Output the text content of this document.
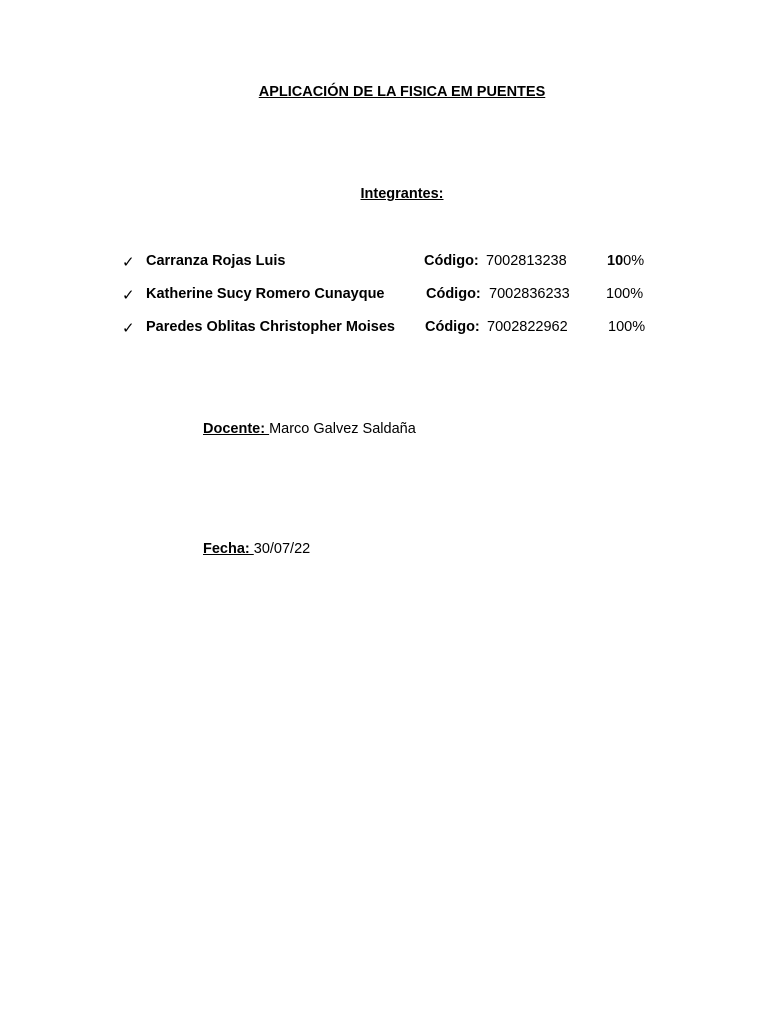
APLICACIÓN DE LA FISICA EM PUENTES
Integrantes:
✓ Carranza Rojas Luis	Código: 7002813238	100%
✓ Katherine Sucy Romero Cunayque	Código: 7002836233	100%
✓ Paredes Oblitas Christopher Moises Código: 7002822962	100%
Docente: Marco Galvez Saldaña
Fecha: 30/07/22
